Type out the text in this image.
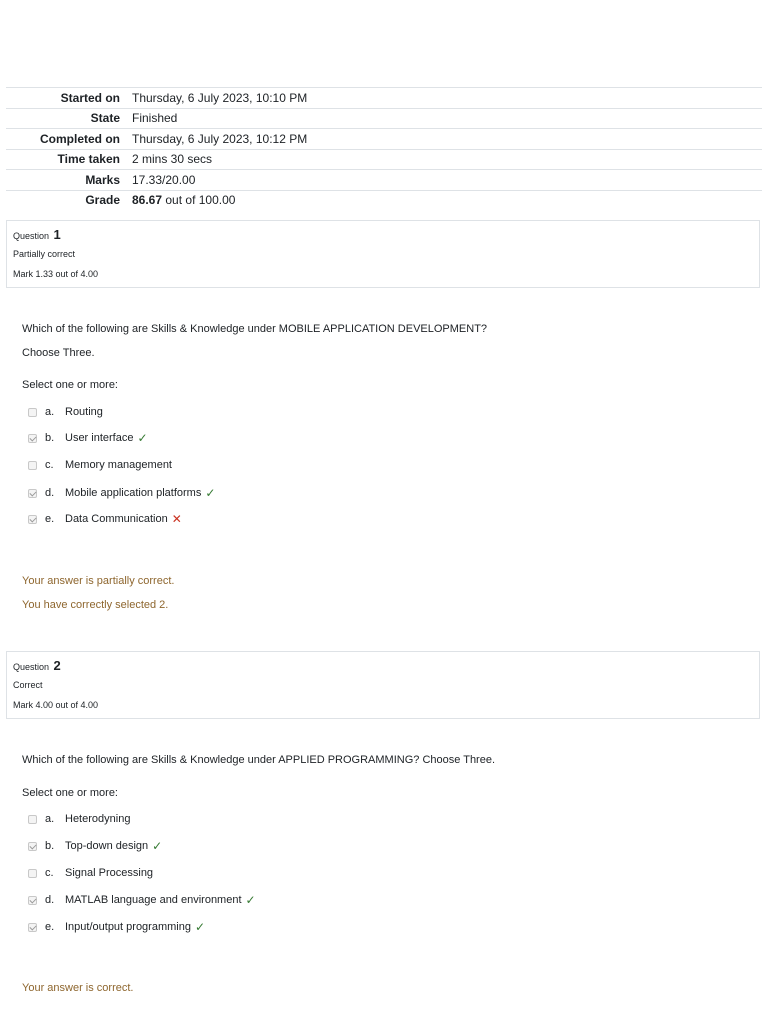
Started on	Thursday, 6 July 2023, 10:10 PM
State	Finished
Completed on	Thursday, 6 July 2023, 10:12 PM
Time taken	2 mins 30 secs
Marks	17.33/20.00
Grade	86.67 out of 100.00
Question 1
Partially correct
Mark 1.33 out of 4.00
Which of the following are Skills & Knowledge under MOBILE APPLICATION DEVELOPMENT?
Choose Three.
Select one or more:
a. Routing
b. User interface ✓
c.	Memory management
d. Mobile application platforms ✓
e. Data Communication ✕
Your answer is partially correct.
You have correctly selected 2.
Question 2
Correct
Mark 4.00 out of 4.00
Which of the following are Skills & Knowledge under APPLIED PROGRAMMING? Choose Three.
Select one or more:
a. Heterodyning
b. Top-down design ✓
c.	Signal Processing
d. MATLAB language and environment ✓
e. Input/output programming ✓
Your answer is correct.
